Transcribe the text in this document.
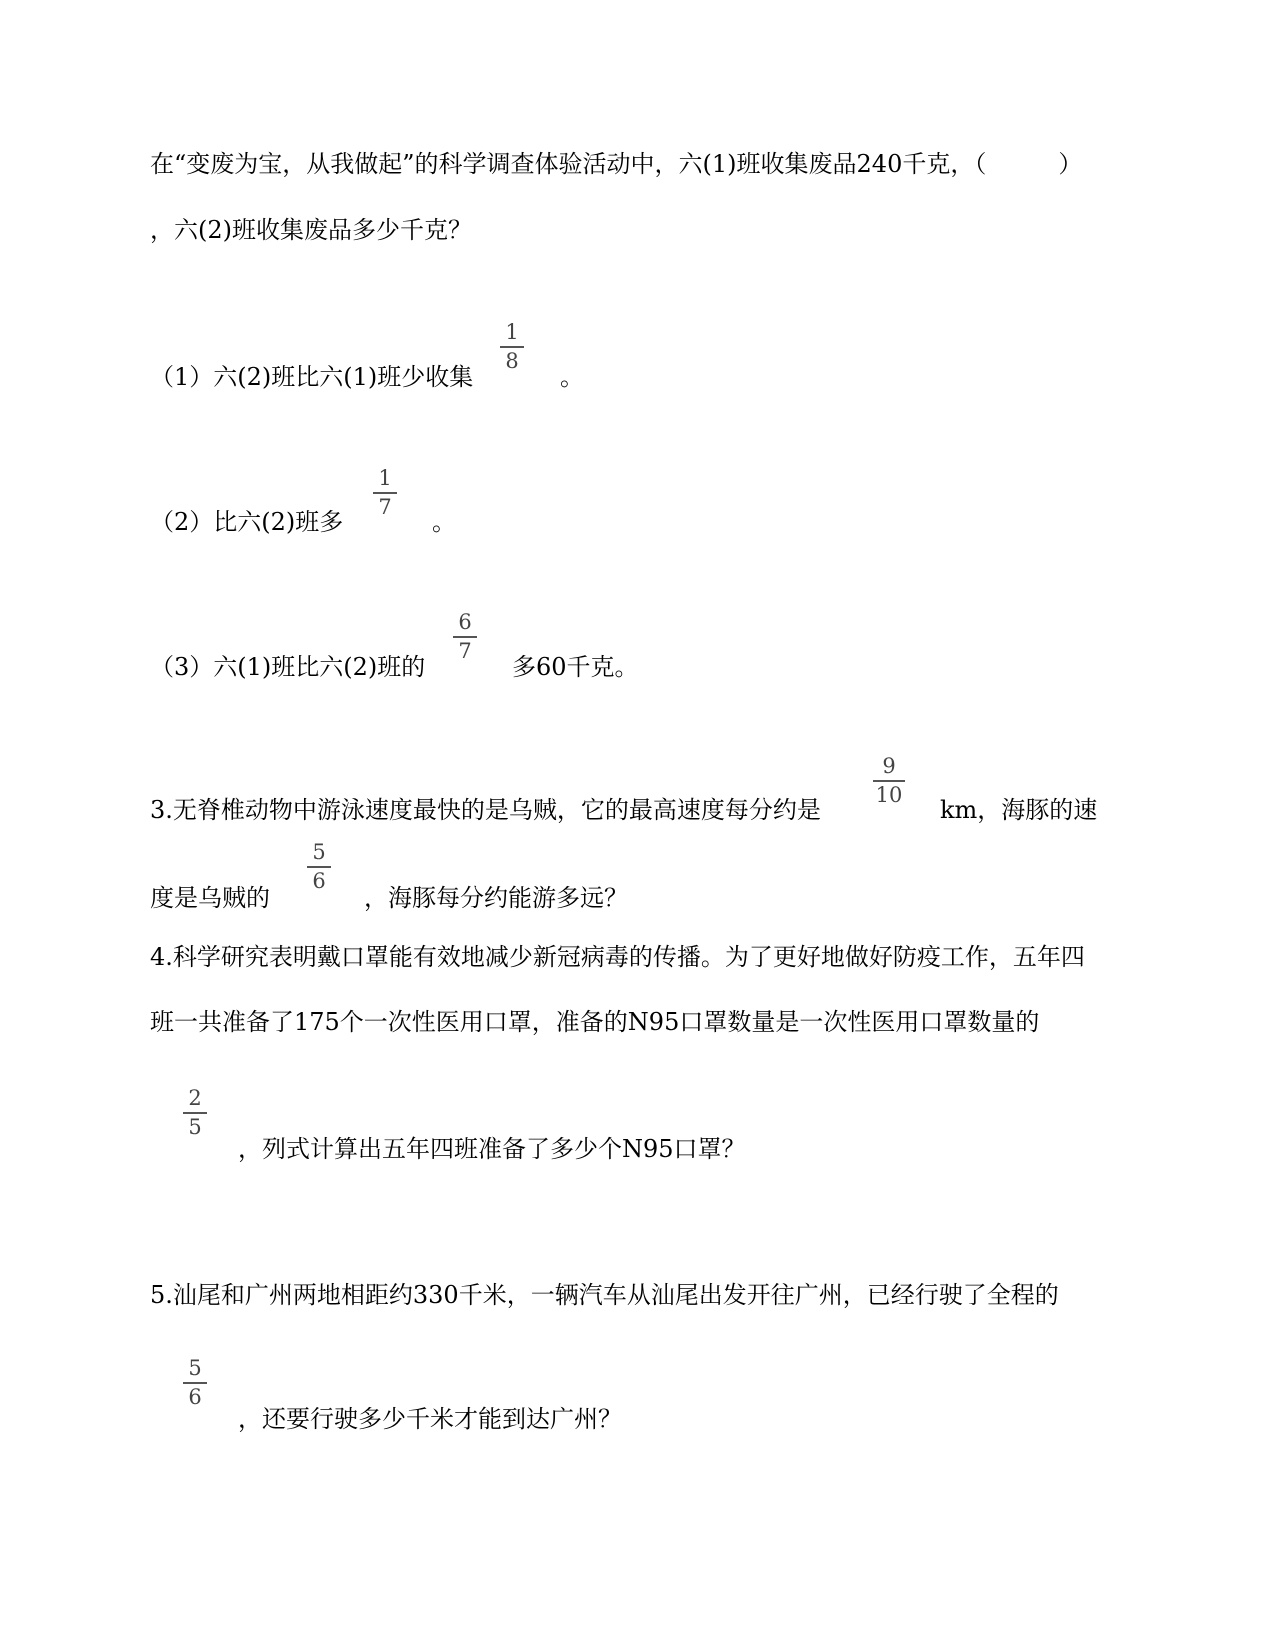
在“变废为宝，从我做起”的科学调查体验活动中，六(1)班收集废品240千克，（　　　）
，六(2)班收集废品多少千克？
（1）六(2)班比六(1)班少收集
1
8
。
（2）比六(2)班多
1
7
。
（3）六(1)班比六(2)班的
6
7
多60千克。
3.无脊椎动物中游泳速度最快的是乌贼，它的最高速度每分约是
9
10
km，海豚的速
度是乌贼的
5
6
，海豚每分约能游多远？
4.科学研究表明戴口罩能有效地减少新冠病毒的传播。为了更好地做好防疫工作，五年四
班一共准备了175个一次性医用口罩，准备的N95口罩数量是一次性医用口罩数量的
2
5
，列式计算出五年四班准备了多少个N95口罩？
5.汕尾和广州两地相距约330千米，一辆汽车从汕尾出发开往广州，已经行驶了全程的
5
6
，还要行驶多少千米才能到达广州？
